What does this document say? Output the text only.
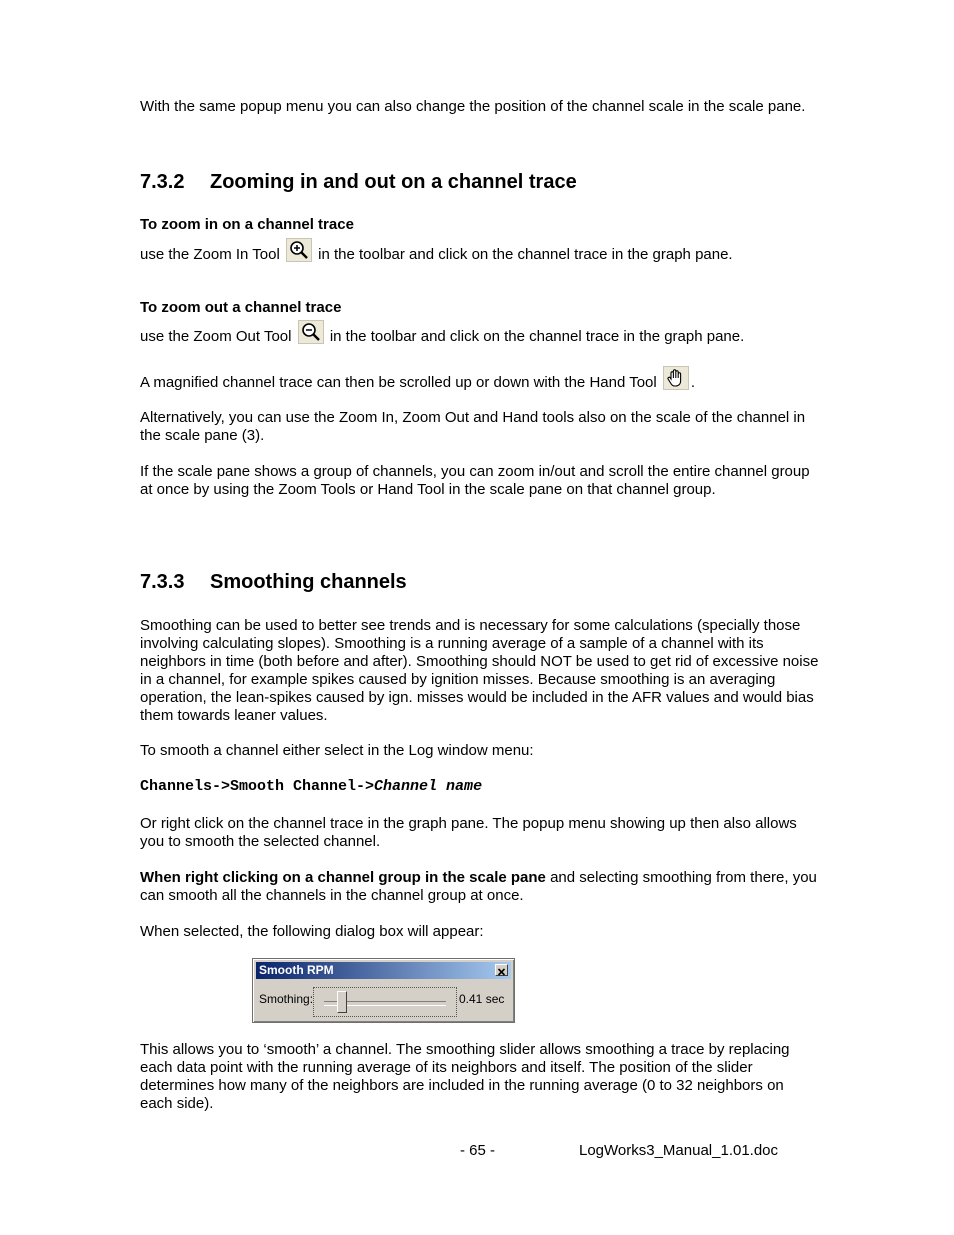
With the same popup menu you can also change the position of the channel scale in the scale pane.

7.3.2 Zooming in and out on a channel trace
To zoom in on a channel trace
use the Zoom In Tool	in the toolbar and click on the channel trace in the graph pane.
To zoom out a channel trace
use the Zoom Out Tool	in the toolbar and click on the channel trace in the graph pane.
A magnified channel trace can then be scrolled up or down with the Hand Tool .

Alternatively, you can use the Zoom In, Zoom Out and Hand tools also on the scale of the channel in the scale pane (3).

If the scale pane shows a group of channels, you can zoom in/out and scroll the entire channel group at once by using the Zoom Tools or Hand Tool in the scale pane on that channel group.

7.3.3 Smoothing channels

Smoothing can be used to better see trends and is necessary for some calculations (specially those involving calculating slopes). Smoothing is a running average of a sample of a channel with its neighbors in time (both before and after). Smoothing should NOT be used to get rid of excessive noise in a channel, for example spikes caused by ignition misses. Because smoothing is an averaging operation, the lean-spikes caused by ign. misses would be included in the AFR values and would bias them towards leaner values.

To smooth a channel either select in the Log window menu:

Channels->Smooth Channel->Channel name

Or right click on the channel trace in the graph pane. The popup menu showing up then also allows you to smooth the selected channel.

When right clicking on a channel group in the scale pane and selecting smoothing from there, you can smooth all the channels in the channel group at once.

When selected, the following dialog box will appear:

Smooth RPM
Smothing:	0.41 sec

This allows you to ‘smooth’ a channel. The smoothing slider allows smoothing a trace by replacing each data point with the running average of its neighbors and itself. The position of the slider determines how many of the neighbors are included in the running average (0 to 32 neighbors on each side).

- 65 -	LogWorks3_Manual_1.01.doc
